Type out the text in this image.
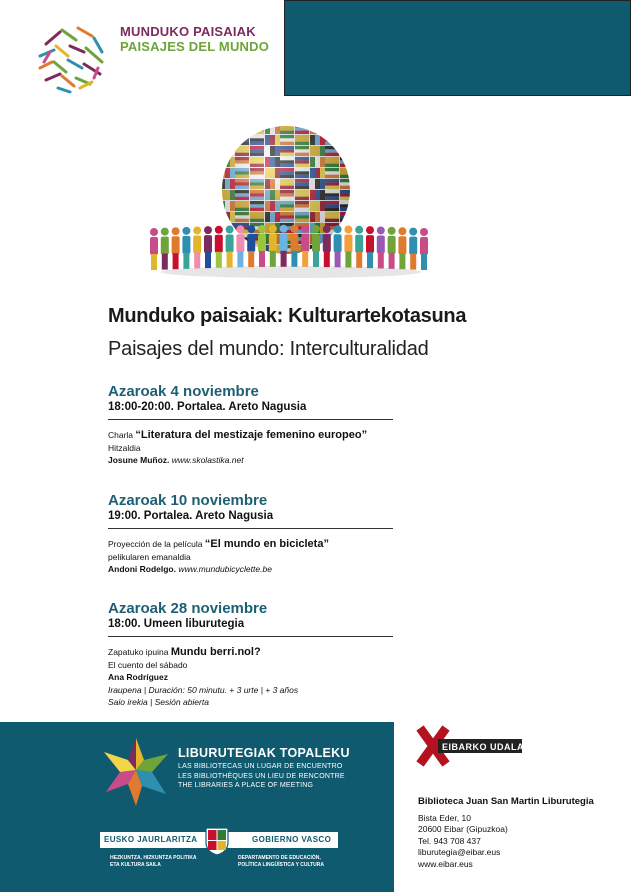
MUNDUKO PAISAIAK
PAISAJES DEL MUNDO
Munduko paisaiak: Kulturartekotasuna
Paisajes del mundo: Interculturalidad
Azaroak 4 noviembre
18:00-20:00. Portalea. Areto Nagusia
Charla “Literatura del mestizaje femenino europeo”
Hitzaldia
Josune Muñoz. www.skolastika.net
Azaroak 10 noviembre
19:00. Portalea. Areto Nagusia
Proyección de la película “El mundo en bicicleta”
pelikularen emanaldia
Andoni Rodelgo. www.mundubicyclette.be
Azaroak 28 noviembre
18:00. Umeen liburutegia
Zapatuko ipuina Mundu berri.nol?
El cuento del sábado
Ana Rodríguez
Iraupena | Duración: 50 minutu. + 3 urte | + 3 años
Saio irekia | Sesión abierta
LIBURUTEGIAK TOPALEKU
LAS BIBLIOTECAS UN LUGAR DE ENCUENTRO
LES BIBLIOTHÈQUES UN LIEU DE RENCONTRE
THE LIBRARIES A PLACE OF MEETING
EUSKO JAURLARITZA	GOBIERNO VASCO
HEZKUNTZA, HIZKUNTZA POLITIKA
ETA KULTURA SAILA
DEPARTAMENTO DE EDUCACIÓN,
POLÍTICA LINGÜÍSTICA Y CULTURA
EIBARKO UDALA
Biblioteca Juan San Martin Liburutegia
Bista Eder, 10
20600 Eibar (Gipuzkoa)
Tel. 943 708 437
liburutegia@eibar.eus
www.eibar.eus
